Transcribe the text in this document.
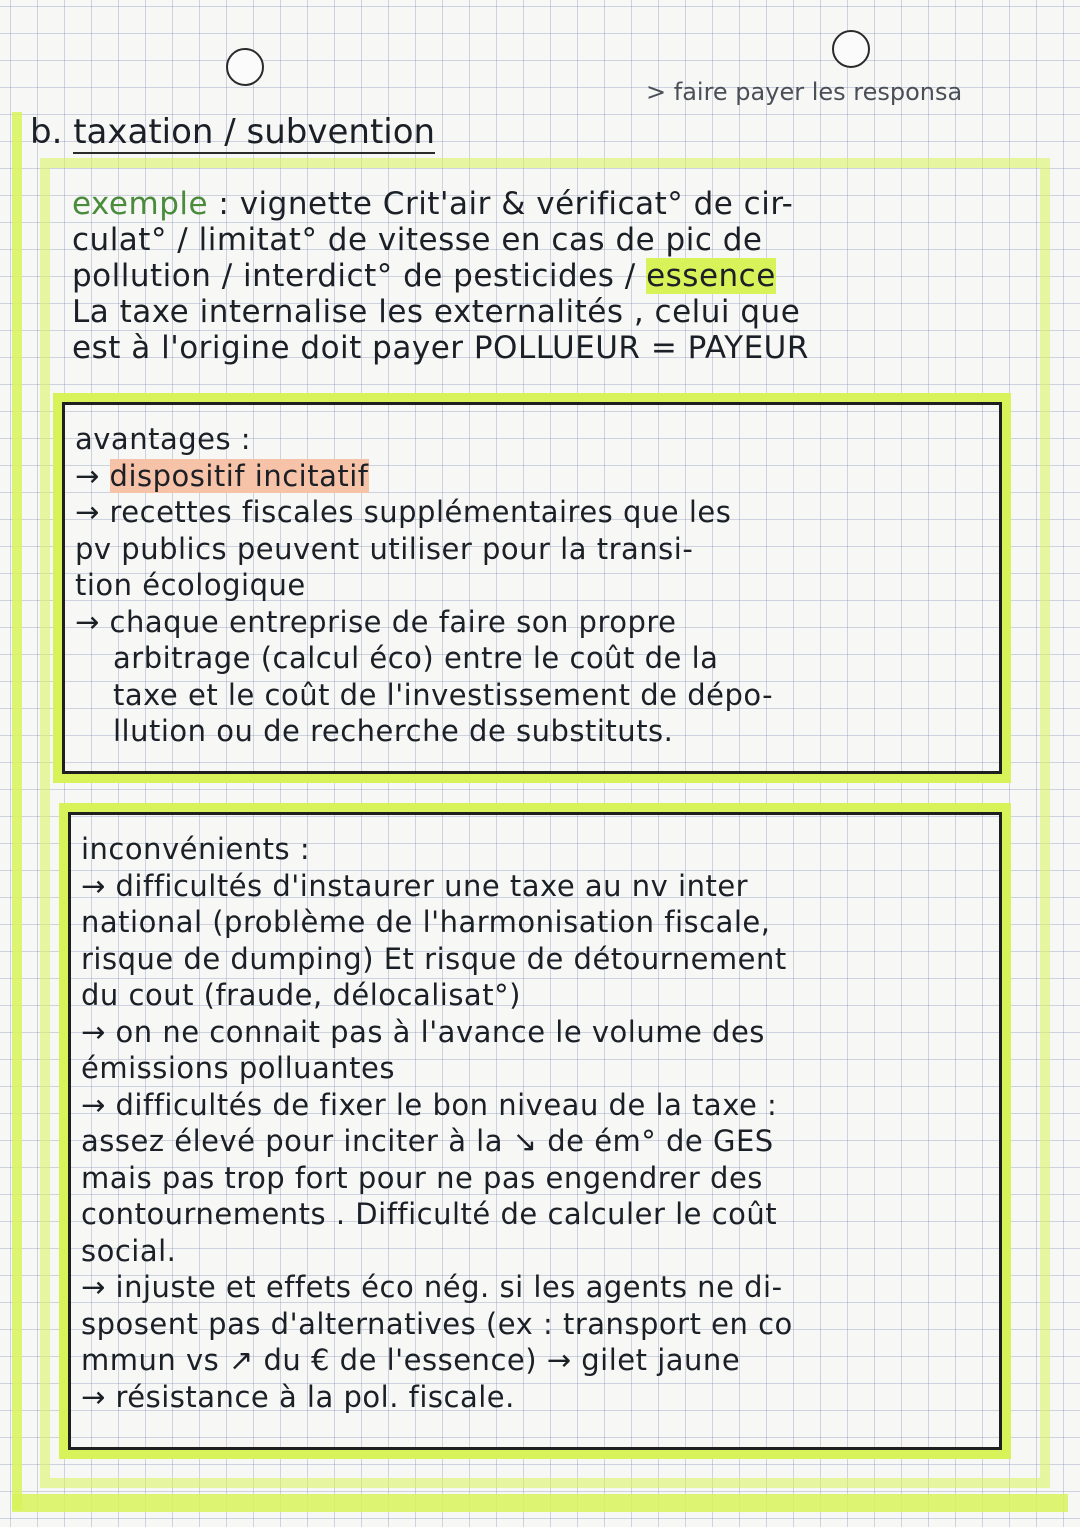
> faire payer les responsa
b. taxation / subvention
exemple : vignette Crit'air & vérificat° de cir-
culat° / limitat° de vitesse en cas de pic de
pollution / interdict° de pesticides / essence
La taxe internalise les externalités , celui que
est à l'origine doit payer POLLUEUR = PAYEUR
avantages :
→ dispositif incitatif
→ recettes fiscales supplémentaires que les
pv publics peuvent utiliser pour la transi-
tion écologique
→ chaque entreprise de faire son propre
arbitrage (calcul éco) entre le coût de la
taxe et le coût de l'investissement de dépo-
llution ou de recherche de substituts.
inconvénients :
→ difficultés d'instaurer une taxe au nv inter
national (problème de l'harmonisation fiscale,
risque de dumping) Et risque de détournement
du cout (fraude, délocalisat°)
→ on ne connait pas à l'avance le volume des
émissions polluantes
→ difficultés de fixer le bon niveau de la taxe :
assez élevé pour inciter à la ↘ de ém° de GES
mais pas trop fort pour ne pas engendrer des
contournements . Difficulté de calculer le coût
social.
→ injuste et effets éco nég. si les agents ne di-
sposent pas d'alternatives (ex : transport en co
mmun vs ↗ du € de l'essence) → gilet jaune
→ résistance à la pol. fiscale.
